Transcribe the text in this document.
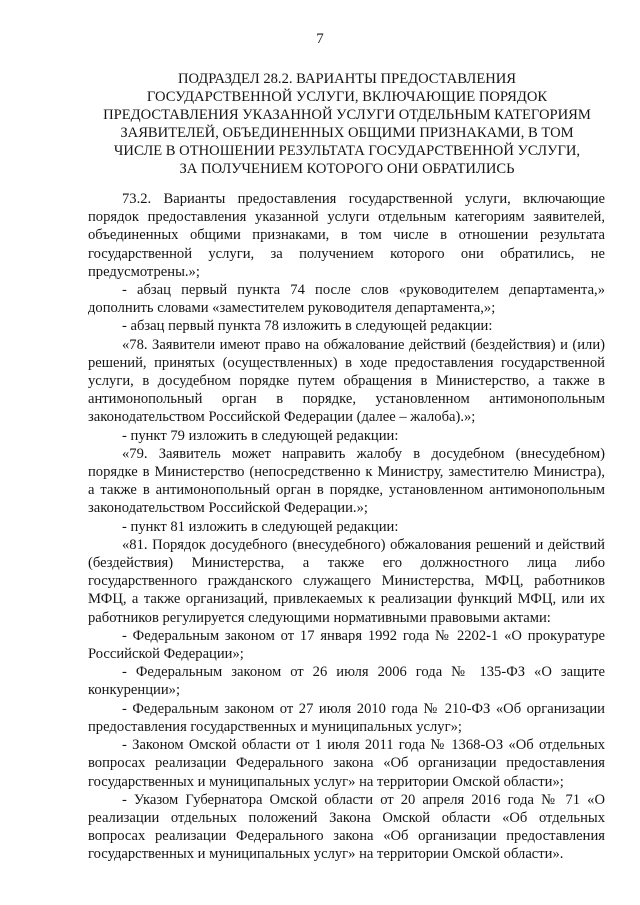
7
ПОДРАЗДЕЛ 28.2. ВАРИАНТЫ ПРЕДОСТАВЛЕНИЯ
ГОСУДАРСТВЕННОЙ УСЛУГИ, ВКЛЮЧАЮЩИЕ ПОРЯДОК
ПРЕДОСТАВЛЕНИЯ УКАЗАННОЙ УСЛУГИ ОТДЕЛЬНЫМ КАТЕГОРИЯМ
ЗАЯВИТЕЛЕЙ, ОБЪЕДИНЕННЫХ ОБЩИМИ ПРИЗНАКАМИ, В ТОМ
ЧИСЛЕ В ОТНОШЕНИИ РЕЗУЛЬТАТА ГОСУДАРСТВЕННОЙ УСЛУГИ,
ЗА ПОЛУЧЕНИЕМ КОТОРОГО ОНИ ОБРАТИЛИСЬ

73.2. Варианты предоставления государственной услуги, включающие порядок предоставления указанной услуги отдельным категориям заявителей, объединенных общими признаками, в том числе в отношении результата государственной услуги, за получением которого они обратились, не предусмотрены.»;

- абзац первый пункта 74 после слов «руководителем департамента,» дополнить словами «заместителем руководителя департамента,»;

- абзац первый пункта 78 изложить в следующей редакции:

«78. Заявители имеют право на обжалование действий (бездействия) и (или) решений, принятых (осуществленных) в ходе предоставления государственной услуги, в досудебном порядке путем обращения в Министерство, а также в антимонопольный орган в порядке, установленном антимонопольным законодательством Российской Федерации (далее – жалоба).»;

- пункт 79 изложить в следующей редакции:

«79. Заявитель может направить жалобу в досудебном (внесудебном) порядке в Министерство (непосредственно к Министру, заместителю Министра), а также в антимонопольный орган в порядке, установленном антимонопольным законодательством Российской Федерации.»;

- пункт 81 изложить в следующей редакции:

«81. Порядок досудебного (внесудебного) обжалования решений и действий (бездействия) Министерства, а также его должностного лица либо государственного гражданского служащего Министерства, МФЦ, работников МФЦ, а также организаций, привлекаемых к реализации функций МФЦ, или их работников регулируется следующими нормативными правовыми актами:

- Федеральным законом от 17 января 1992 года № 2202-1 «О прокуратуре Российской Федерации»;

- Федеральным законом от 26 июля 2006 года № 135-ФЗ «О защите конкуренции»;

- Федеральным законом от 27 июля 2010 года № 210-ФЗ «Об организации предоставления государственных и муниципальных услуг»;

- Законом Омской области от 1 июля 2011 года № 1368-ОЗ «Об отдельных вопросах реализации Федерального закона «Об организации предоставления государственных и муниципальных услуг» на территории Омской области»;

- Указом Губернатора Омской области от 20 апреля 2016 года № 71 «О реализации отдельных положений Закона Омской области «Об отдельных вопросах реализации Федерального закона «Об организации предоставления государственных и муниципальных услуг» на территории Омской области».
